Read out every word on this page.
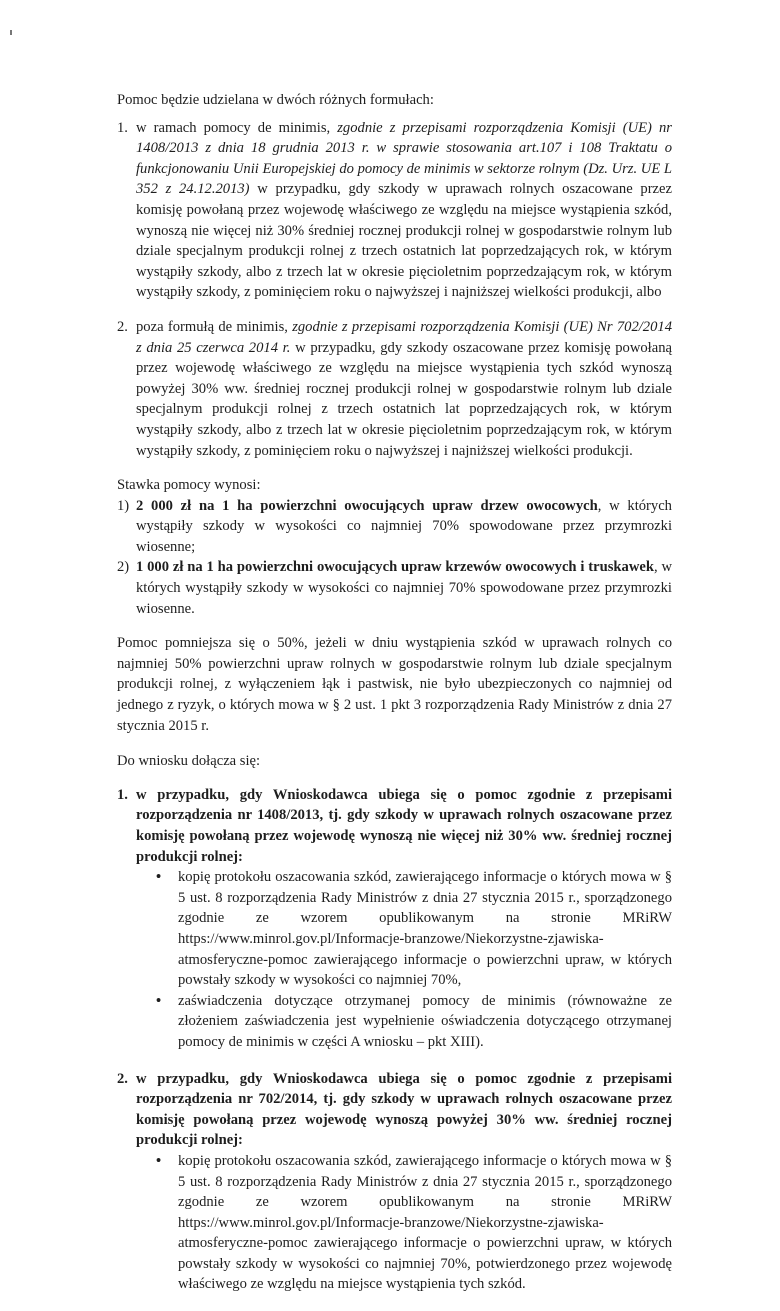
Pomoc będzie udzielana w dwóch różnych formułach:

1. w ramach pomocy de minimis, zgodnie z przepisami rozporządzenia Komisji (UE) nr 1408/2013 z dnia 18 grudnia 2013 r. w sprawie stosowania art.107 i 108 Traktatu o funkcjonowaniu Unii Europejskiej do pomocy de minimis w sektorze rolnym (Dz. Urz. UE L 352 z 24.12.2013) w przypadku, gdy szkody w uprawach rolnych oszacowane przez komisję powołaną przez wojewodę właściwego ze względu na miejsce wystąpienia szkód, wynoszą nie więcej niż 30% średniej rocznej produkcji rolnej w gospodarstwie rolnym lub dziale specjalnym produkcji rolnej z trzech ostatnich lat poprzedzających rok, w którym wystąpiły szkody, albo z trzech lat w okresie pięcioletnim poprzedzającym rok, w którym wystąpiły szkody, z pominięciem roku o najwyższej i najniższej wielkości produkcji, albo
2. poza formułą de minimis, zgodnie z przepisami rozporządzenia Komisji (UE) Nr 702/2014 z dnia 25 czerwca 2014 r. w przypadku, gdy szkody oszacowane przez komisję powołaną przez wojewodę właściwego ze względu na miejsce wystąpienia tych szkód wynoszą powyżej 30% ww. średniej rocznej produkcji rolnej w gospodarstwie rolnym lub dziale specjalnym produkcji rolnej z trzech ostatnich lat poprzedzających rok, w którym wystąpiły szkody, albo z trzech lat w okresie pięcioletnim poprzedzającym rok, w którym wystąpiły szkody, z pominięciem roku o najwyższej i najniższej wielkości produkcji.

Stawka pomocy wynosi:

1) 2 000 zł na 1 ha powierzchni owocujących upraw drzew owocowych, w których wystąpiły szkody w wysokości co najmniej 70% spowodowane przez przymrozki wiosenne;
2) 1 000 zł na 1 ha powierzchni owocujących upraw krzewów owocowych i truskawek, w których wystąpiły szkody w wysokości co najmniej 70% spowodowane przez przymrozki wiosenne.

Pomoc pomniejsza się o 50%, jeżeli w dniu wystąpienia szkód w uprawach rolnych co najmniej 50% powierzchni upraw rolnych w gospodarstwie rolnym lub dziale specjalnym produkcji rolnej, z wyłączeniem łąk i pastwisk, nie było ubezpieczonych co najmniej od jednego z ryzyk, o których mowa w § 2 ust. 1 pkt 3 rozporządzenia Rady Ministrów z dnia 27 stycznia 2015 r.

Do wniosku dołącza się:

1. w przypadku, gdy Wnioskodawca ubiega się o pomoc zgodnie z przepisami rozporządzenia nr 1408/2013, tj. gdy szkody w uprawach rolnych oszacowane przez komisję powołaną przez wojewodę wynoszą nie więcej niż 30% ww. średniej rocznej produkcji rolnej:
• kopię protokołu oszacowania szkód, zawierającego informacje o których mowa w § 5 ust. 8 rozporządzenia Rady Ministrów z dnia 27 stycznia 2015 r., sporządzonego zgodnie ze wzorem opublikowanym na stronie MRiRW https://www.minrol.gov.pl/Informacje-branzowe/Niekorzystne-zjawiska-atmosferyczne-pomoc zawierającego informacje o powierzchni upraw, w których powstały szkody w wysokości co najmniej 70%,
• zaświadczenia dotyczące otrzymanej pomocy de minimis (równoważne ze złożeniem zaświadczenia jest wypełnienie oświadczenia dotyczącego otrzymanej pomocy de minimis w części A wniosku – pkt XIII).
2. w przypadku, gdy Wnioskodawca ubiega się o pomoc zgodnie z przepisami rozporządzenia nr 702/2014, tj. gdy szkody w uprawach rolnych oszacowane przez komisję powołaną przez wojewodę wynoszą powyżej 30% ww. średniej rocznej produkcji rolnej:
• kopię protokołu oszacowania szkód, zawierającego informacje o których mowa w § 5 ust. 8 rozporządzenia Rady Ministrów z dnia 27 stycznia 2015 r., sporządzonego zgodnie ze wzorem opublikowanym na stronie MRiRW https://www.minrol.gov.pl/Informacje-branzowe/Niekorzystne-zjawiska-atmosferyczne-pomoc zawierającego informacje o powierzchni upraw, w których powstały szkody w wysokości co najmniej 70%, potwierdzonego przez wojewodę właściwego ze względu na miejsce wystąpienia tych szkód.
